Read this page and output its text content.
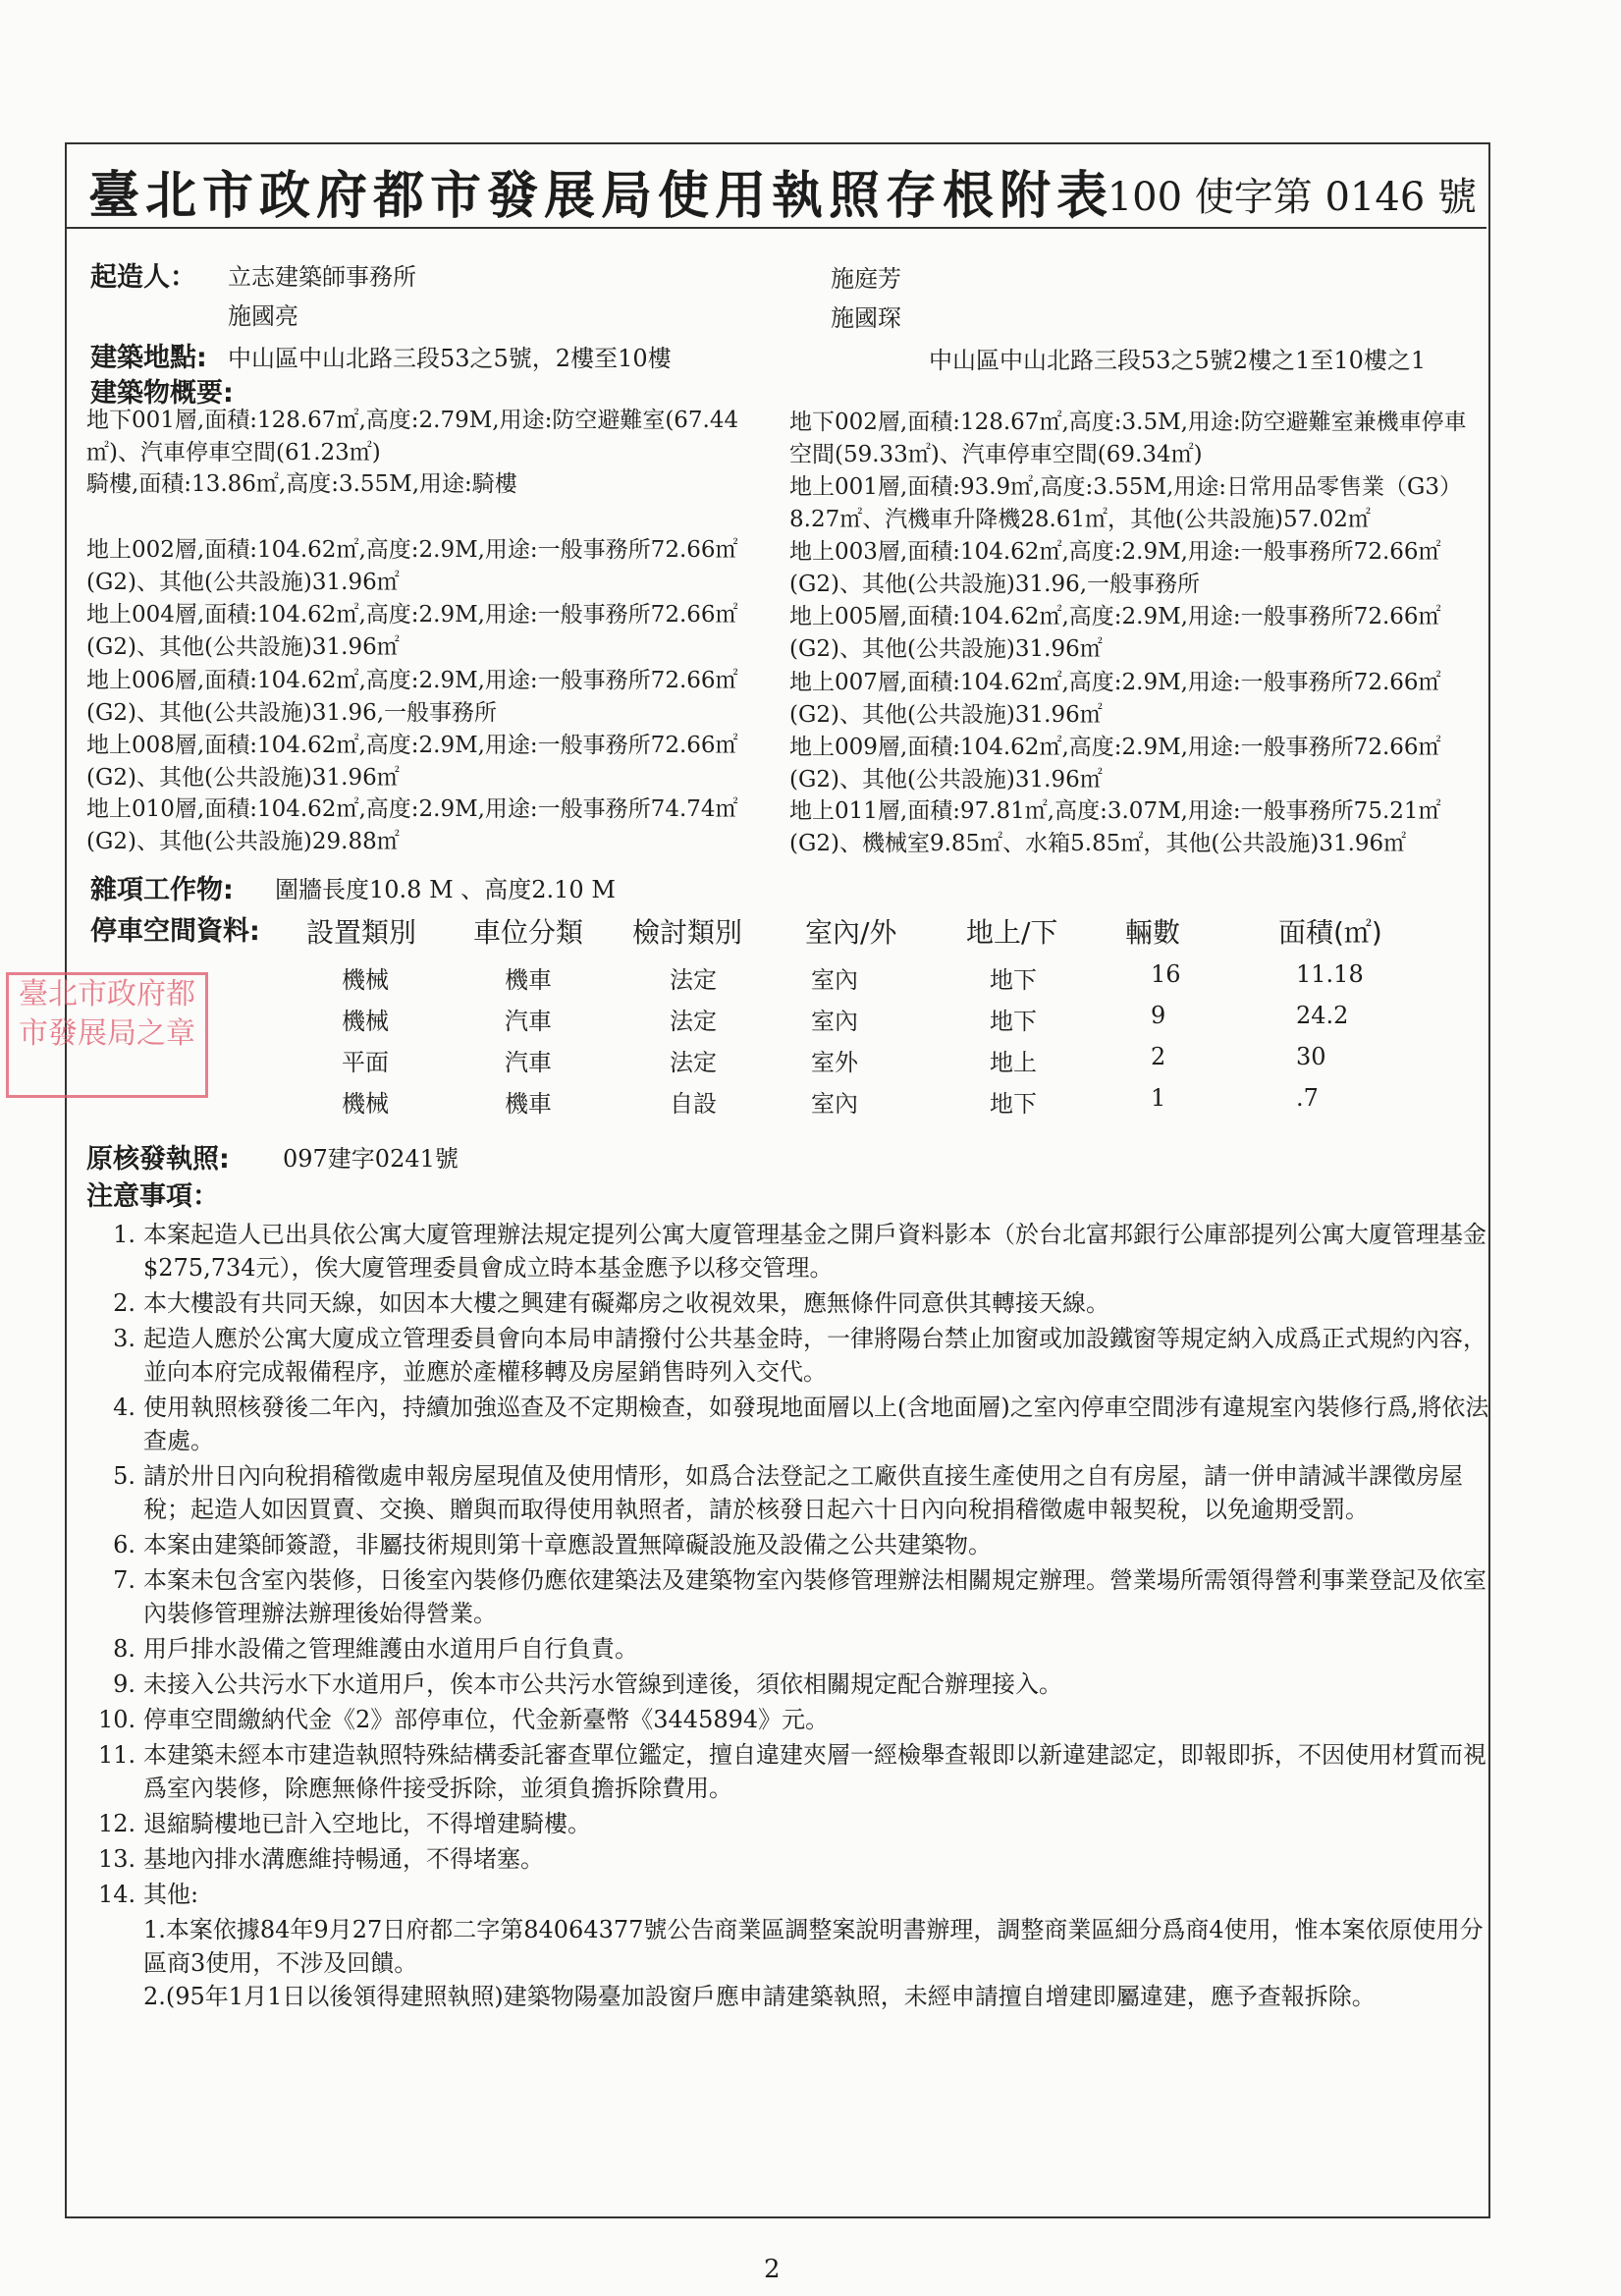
臺北市政府都市發展局使用執照存根附表
100 使字第 0146 號
起造人： 立志建築師事務所
施國亮
施庭芳
施國琛
建築地點: 中山區中山北路三段53之5號，2樓至10樓	中山區中山北路三段53之5號2樓之1至10樓之1
建築物概要:
地下001層,面積:128.67㎡,高度:2.79M,用途:防空避難室(67.44㎡)、汽車停車空間(61.23㎡)
騎樓,面積:13.86㎡,高度:3.55M,用途:騎樓
地上002層,面積:104.62㎡,高度:2.9M,用途:一般事務所72.66㎡(G2)、其他(公共設施)31.96㎡
地上004層,面積:104.62㎡,高度:2.9M,用途:一般事務所72.66㎡(G2)、其他(公共設施)31.96㎡
地上006層,面積:104.62㎡,高度:2.9M,用途:一般事務所72.66㎡(G2)、其他(公共設施)31.96,一般事務所
地上008層,面積:104.62㎡,高度:2.9M,用途:一般事務所72.66㎡(G2)、其他(公共設施)31.96㎡
地上010層,面積:104.62㎡,高度:2.9M,用途:一般事務所74.74㎡(G2)、其他(公共設施)29.88㎡
地下002層,面積:128.67㎡,高度:3.5M,用途:防空避難室兼機車停車空間(59.33㎡)、汽車停車空間(69.34㎡)
地上001層,面積:93.9㎡,高度:3.55M,用途:日常用品零售業（G3）8.27㎡、汽機車升降機28.61㎡，其他(公共設施)57.02㎡
地上003層,面積:104.62㎡,高度:2.9M,用途:一般事務所72.66㎡(G2)、其他(公共設施)31.96,一般事務所
地上005層,面積:104.62㎡,高度:2.9M,用途:一般事務所72.66㎡(G2)、其他(公共設施)31.96㎡
地上007層,面積:104.62㎡,高度:2.9M,用途:一般事務所72.66㎡(G2)、其他(公共設施)31.96㎡
地上009層,面積:104.62㎡,高度:2.9M,用途:一般事務所72.66㎡(G2)、其他(公共設施)31.96㎡
地上011層,面積:97.81㎡,高度:3.07M,用途:一般事務所75.21㎡(G2)、機械室9.85㎡、水箱5.85㎡，其他(公共設施)31.96㎡
雜項工作物: 圍牆長度10.8 M 、高度2.10 M
停車空間資料: 設置類別 車位分類 檢討類別 室內/外	地上/下 輛數	面積(㎡)
機械	機車	法定	室內	地下	16	11.18
機械	汽車	法定	室內	地下	9	24.2
平面	汽車	法定	室外	地上	2	30
機械	機車	自設	室內	地下	1	.7
臺北市政府都市發展局之章
原核發執照: 097建字0241號
注意事項：
1. 本案起造人已出具依公寓大廈管理辦法規定提列公寓大廈管理基金之開戶資料影本（於台北富邦銀行公庫部提列公寓大廈管理基金$275,734元），俟大廈管理委員會成立時本基金應予以移交管理。
2. 本大樓設有共同天線，如因本大樓之興建有礙鄰房之收視效果，應無條件同意供其轉接天線。
3. 起造人應於公寓大廈成立管理委員會向本局申請撥付公共基金時，一律將陽台禁止加窗或加設鐵窗等規定納入成爲正式規約內容，並向本府完成報備程序，並應於產權移轉及房屋銷售時列入交代。
4. 使用執照核發後二年內，持續加強巡查及不定期檢查，如發現地面層以上(含地面層)之室內停車空間涉有違規室內裝修行爲,將依法查處。
5. 請於卅日內向稅捐稽徵處申報房屋現值及使用情形，如爲合法登記之工廠供直接生產使用之自有房屋，請一併申請減半課徵房屋稅；起造人如因買賣、交換、贈與而取得使用執照者，請於核發日起六十日內向稅捐稽徵處申報契稅，以免逾期受罰。
6. 本案由建築師簽證，非屬技術規則第十章應設置無障礙設施及設備之公共建築物。
7. 本案未包含室內裝修，日後室內裝修仍應依建築法及建築物室內裝修管理辦法相關規定辦理。營業場所需領得營利事業登記及依室內裝修管理辦法辦理後始得營業。
8. 用戶排水設備之管理維護由水道用戶自行負責。
9. 未接入公共污水下水道用戶，俟本市公共污水管線到達後，須依相關規定配合辦理接入。
10. 停車空間繳納代金《2》部停車位，代金新臺幣《3445894》元。
11. 本建築未經本市建造執照特殊結構委託審查單位鑑定，擅自違建夾層一經檢舉查報即以新違建認定，即報即拆，不因使用材質而視爲室內裝修，除應無條件接受拆除，並須負擔拆除費用。
12. 退縮騎樓地已計入空地比，不得增建騎樓。
13. 基地內排水溝應維持暢通，不得堵塞。
14. 其他:
1.本案依據84年9月27日府都二字第84064377號公告商業區調整案說明書辦理，調整商業區細分爲商4使用，惟本案依原使用分區商3使用，不涉及回饋。
2.(95年1月1日以後領得建照執照)建築物陽臺加設窗戶應申請建築執照，未經申請擅自增建即屬違建，應予查報拆除。
2
